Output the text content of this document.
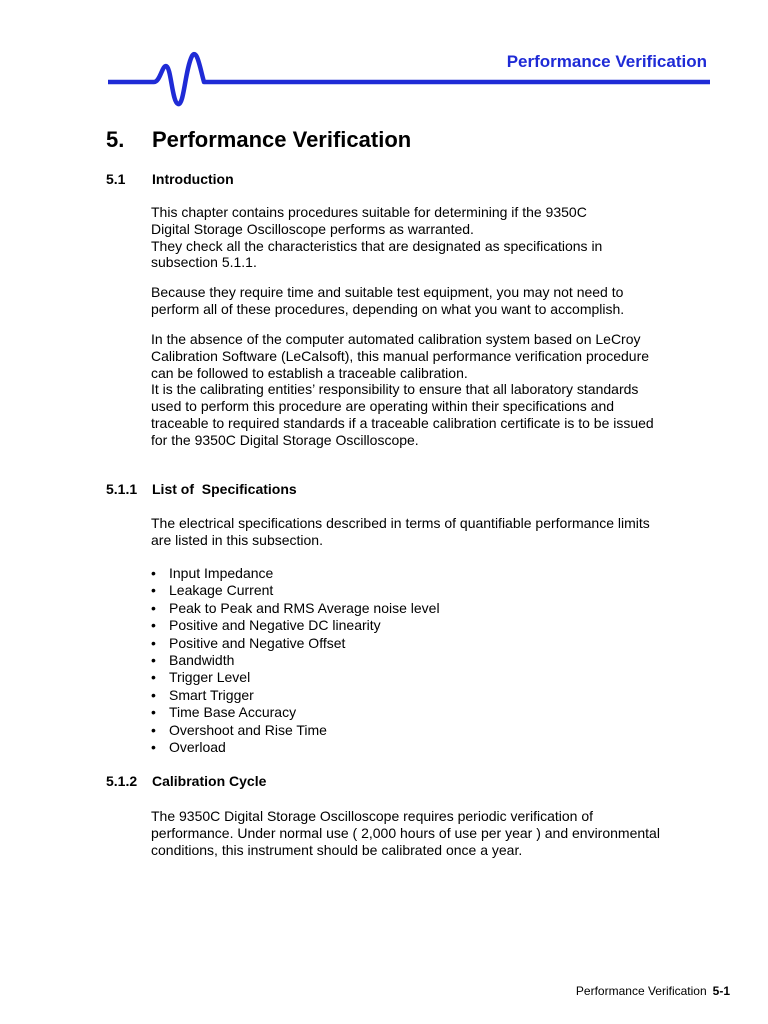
Performance Verification
5. Performance Verification
5.1 Introduction

This chapter contains procedures suitable for determining if the 9350C

Digital Storage Oscilloscope performs as warranted.

They check all the characteristics that are designated as specifications in

subsection 5.1.1.

Because they require time and suitable test equipment, you may not need to

perform all of these procedures, depending on what you want to accomplish.

In the absence of the computer automated calibration system based on LeCroy

Calibration Software (LeCalsoft), this manual performance verification procedure

can be followed to establish a traceable calibration.

It is the calibrating entities’ responsibility to ensure that all laboratory standards

used to perform this procedure are operating within their specifications and

traceable to required standards if a traceable calibration certificate is to be issued

for the 9350C Digital Storage Oscilloscope.

5.1.1 List of  Specifications

The electrical specifications described in terms of quantifiable performance limits

are listed in this subsection.

• Input Impedance
• Leakage Current
• Peak to Peak and RMS Average noise level
• Positive and Negative DC linearity
• Positive and Negative Offset
• Bandwidth
• Trigger Level
• Smart Trigger
• Time Base Accuracy
• Overshoot and Rise Time
• Overload
5.1.2 Calibration Cycle

The 9350C Digital Storage Oscilloscope requires periodic verification of

performance. Under normal use ( 2,000 hours of use per year ) and environmental

conditions, this instrument should be calibrated once a year.

Performance Verification 5-1
